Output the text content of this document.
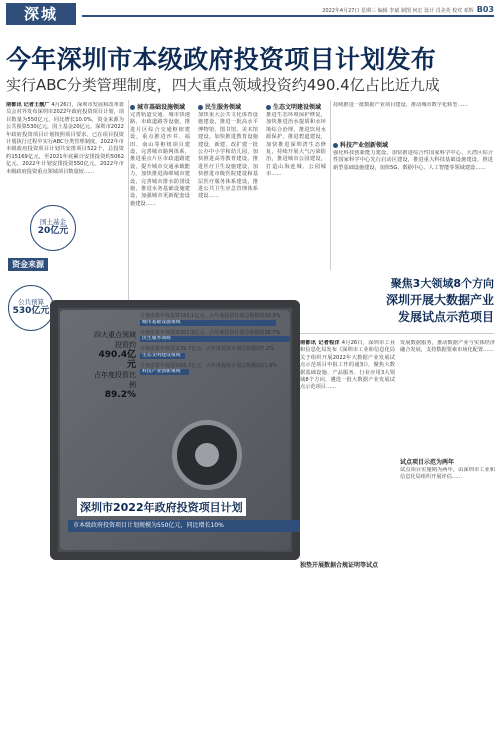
深城	2022年4月27日 星期三 编辑 李斌 制图 何宏 设计 肖美英 校对 邓辉 B03
今年深圳市本级政府投资项目计划发布
实行ABC分类管理制度，四大重点领域投资约490.4亿占比近九成
南都讯 记者王靓广 4月26日，深圳市发展和改革委员会对外发布深圳市2022年政府投资项目计划，项目数量为550亿元，同比增长10.0%，资金来源为公共预算530亿元，国土基金20亿元。深圳市2022年政府投资项目计划按照项目要求，已在项目投资计划执行过程中实行ABC分类管理制度。2022年市本级政府投资项目计划共安排项目522个，总投资约15169亿元，至2021年底累计安排投资约5062亿元，2022年计划安排投资550亿元。2022年市本级政府投资重点领域项目数量较……
城市基础设施领域
完善轨道交通、城市快速路、市政道路等设施，推进片区综合交通枢纽建设，重点推进沙井、福田、南山等枢纽项目建设，完善城市路网体系，推进重点片区市政道路建设，提升城市交通承载能力。加快推进海绵城市建设，完善城市排水防涝设施，推进水务基础设施建设，加强城市更新配套设施建设……
民生服务领域
加快重大公共文化体育设施建设，推进一批高水平博物馆、图书馆、美术馆建设。加快推进教育设施建设，新建、改扩建一批公办中小学和幼儿园，加快推进高等教育建设。推进医疗卫生设施建设，加快推进市级医院建设和基层医疗服务体系建设，推进公共卫生应急管理体系建设……
生态文明建设领域
推进生态环境保护修复，加快推进治水提质和水环境综合治理，推进饮用水源保护，推进碧道建设，加快推进深圳湾生态修复，持续开展大气污染防治，推进城市公园建设，打造山海连城、公园城市……
持续推进一批数据产业项目建设，推动城市数字化转型……
科技产业创新领域
强化科技创新能力建设，加快推进综合性国家科学中心、大湾区综合性国家科学中心先行启动区建设，推进重大科技基础设施建设，推进新型基础设施建设，加快5G、数据中心、人工智能等领域建设……
资金来源
国土基金
20亿元
公共预算
530亿元
四大重点领域
投资约
490.4亿元
占年度投资比例
89.2%
计划安排年度投资183.1亿元，占年度投资计划总规模的33.3%
城市基础设施领域
计划安排年度投资201.9亿元，占年度投资计划总规模的36.7%
民生服务领域
计划安排年度投资39.7亿元，占年度投资计划总规模的7.2%
生态文明建设领域
计划安排年度投资65.7亿元，占年度投资计划总规模的11.9%
科技产业创新领域
深圳市2022年政府投资项目计划
市本级政府投资项目计划规模为550亿元，同比增长10%
聚焦3大领域8个方向
深圳开展大数据产业
发展试点示范项目
南都讯 记者程洋 4月26日，深圳市工业和信息化局发布《深圳市工业和信息化局关于组织开展2022年大数据产业发展试点示范项目申报工作的通知》，聚焦大数据基础设施、产品服务、行业应用3大领域8个方向，遴选一批大数据产业发展试点示范项目……
独垫开展数据合规证明等试点
发展数据服务，推动数据产业与实体经济融合发展，支持数据要素市场化配置……
试点项目示范为两年
试点项目实施期为两年，由深圳市工业和信息化局组织开展评估……
